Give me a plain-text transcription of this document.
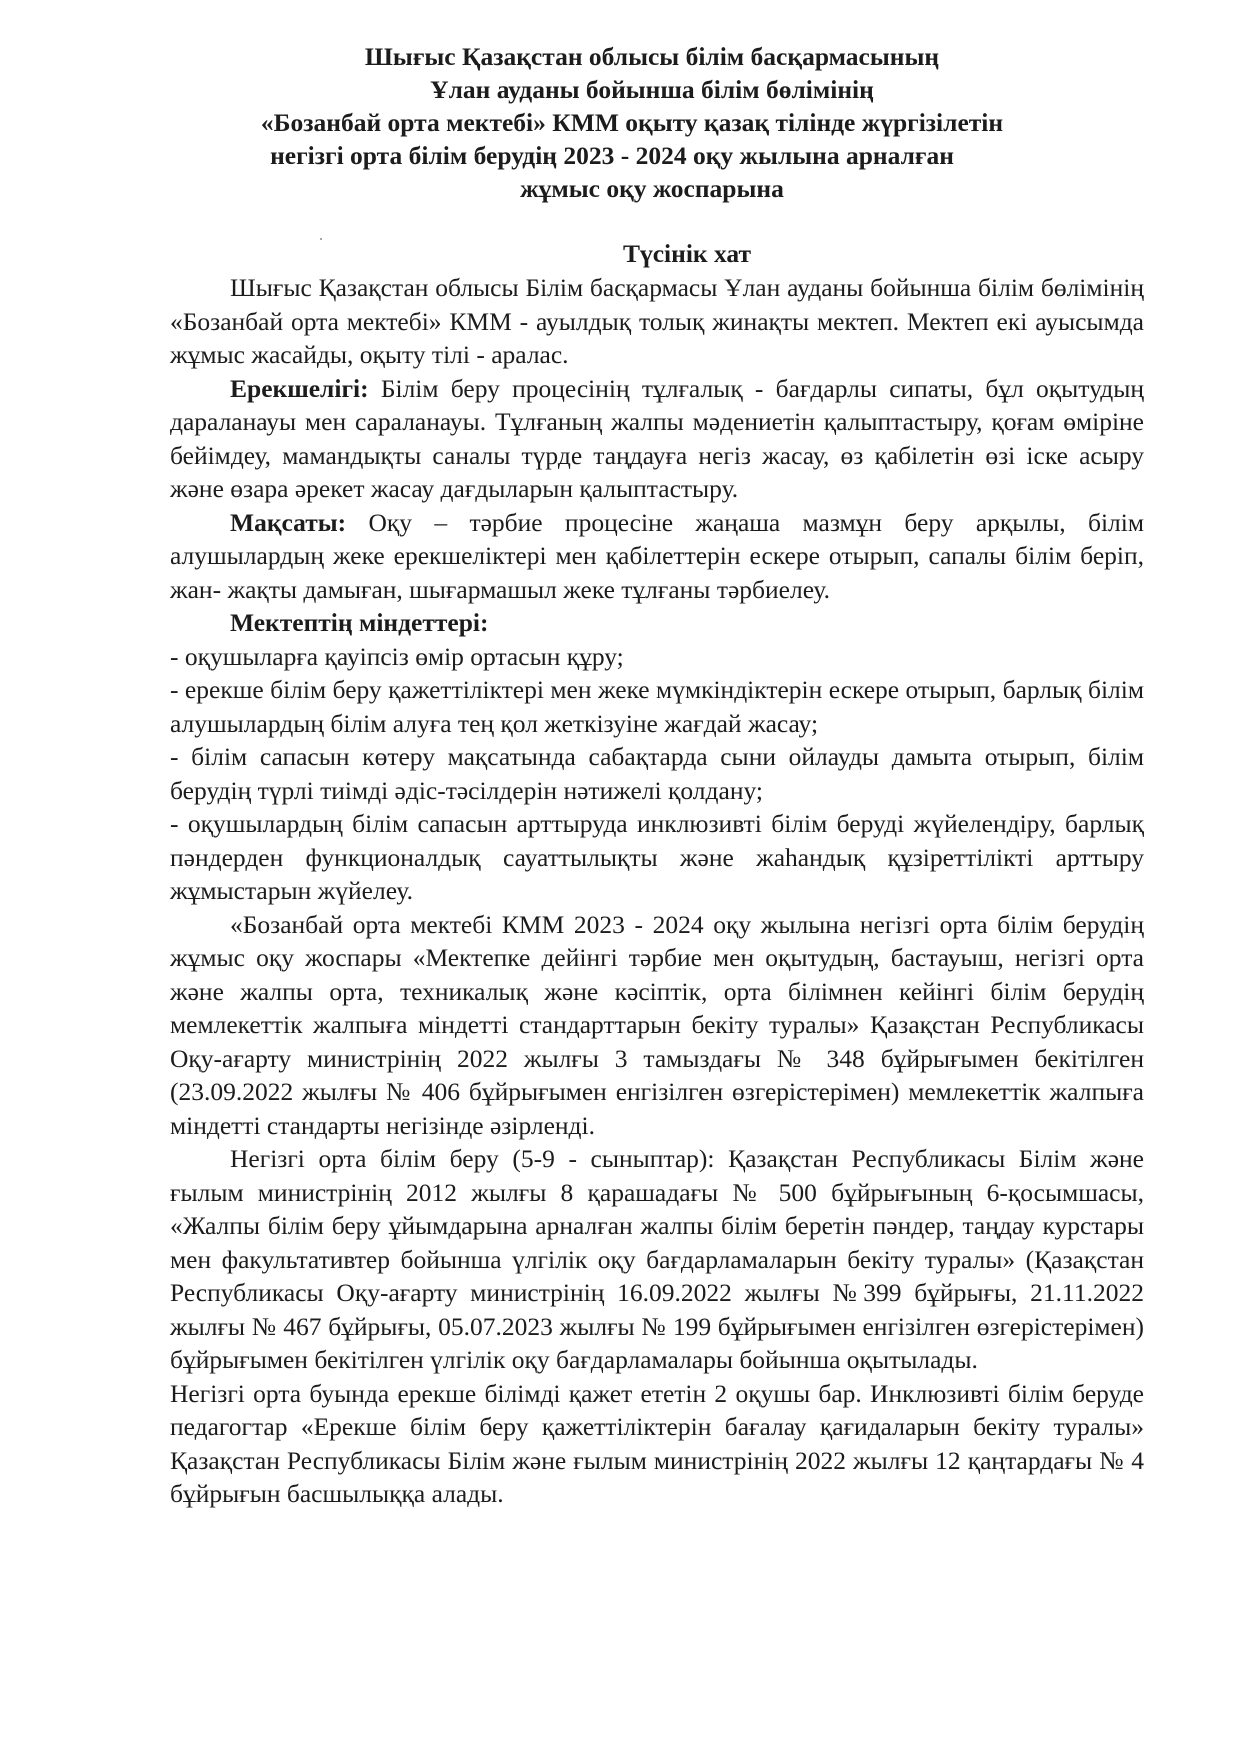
Шығыс Қазақстан облысы білім басқармасының
Ұлан ауданы бойынша білім бөлімінің
«Бозанбай орта мектебі» КММ оқыту қазақ тілінде жүргізілетін
негізгі орта білім берудің 2023 - 2024 оқу жылына арналған
жұмыс оқу жоспарына
Түсінік хат

Шығыс Қазақстан облысы Білім басқармасы Ұлан ауданы бойынша білім бөлімінің «Бозанбай орта мектебі» КММ - ауылдық толық жинақты мектеп. Мектеп екі ауысымда жұмыс жасайды, оқыту тілі - аралас.

Ерекшелігі: Білім беру процесінің тұлғалық - бағдарлы сипаты, бұл оқытудың дараланауы мен сараланауы. Тұлғаның жалпы мәдениетін қалыптастыру, қоғам өміріне бейімдеу, мамандықты саналы түрде таңдауға негіз жасау, өз қабілетін өзі іске асыру және өзара әрекет жасау дағдыларын қалыптастыру.

Мақсаты: Оқу – тәрбие процесіне жаңаша мазмұн беру арқылы, білім алушылардың жеке ерекшеліктері мен қабілеттерін ескере отырып, сапалы білім беріп, жан- жақты дамыған, шығармашыл жеке тұлғаны тәрбиелеу.

Мектептің міндеттері:

- оқушыларға қауіпсіз өмір ортасын құру;

- ерекше білім беру қажеттіліктері мен жеке мүмкіндіктерін ескере отырып, барлық білім алушылардың білім алуға тең қол жеткізуіне жағдай жасау;

- білім сапасын көтеру мақсатында сабақтарда сыни ойлауды дамыта отырып, білім берудің түрлі тиімді әдіс-тәсілдерін нәтижелі қолдану;

- оқушылардың білім сапасын арттыруда инклюзивті білім беруді жүйелендіру, барлық пәндерден функционалдық сауаттылықты және жаһандық құзіреттілікті арттыру жұмыстарын жүйелеу.

«Бозанбай орта мектебі КММ 2023 - 2024 оқу жылына негізгі орта білім берудің жұмыс оқу жоспары «Мектепке дейінгі тәрбие мен оқытудың, бастауыш, негізгі орта және жалпы орта, техникалық және кәсіптік, орта білімнен кейінгі білім берудің мемлекеттік жалпыға міндетті стандарттарын бекіту туралы» Қазақстан Республикасы Оқу-ағарту министрінің 2022 жылғы 3 тамыздағы № 348 бұйрығымен бекітілген (23.09.2022 жылғы № 406 бұйрығымен енгізілген өзгерістерімен) мемлекеттік жалпыға міндетті стандарты негізінде әзірленді.

Негізгі орта білім беру (5-9 - сыныптар): Қазақстан Республикасы Білім және ғылым министрінің 2012 жылғы 8 қарашадағы № 500 бұйрығының 6-қосымшасы, «Жалпы білім беру ұйымдарына арналған жалпы білім беретін пәндер, таңдау курстары мен факультативтер бойынша үлгілік оқу бағдарламаларын бекіту туралы» (Қазақстан Республикасы Оқу-ағарту министрінің 16.09.2022 жылғы №399 бұйрығы, 21.11.2022 жылғы № 467 бұйрығы, 05.07.2023 жылғы № 199 бұйрығымен енгізілген өзгерістерімен) бұйрығымен бекітілген үлгілік оқу бағдарламалары бойынша оқытылады.

Негізгі орта буында ерекше білімді қажет ететін 2 оқушы бар. Инклюзивті білім беруде педагогтар «Ерекше білім беру қажеттіліктерін бағалау қағидаларын бекіту туралы» Қазақстан Республикасы Білім және ғылым министрінің 2022 жылғы 12 қаңтардағы № 4 бұйрығын басшылыққа алады.
